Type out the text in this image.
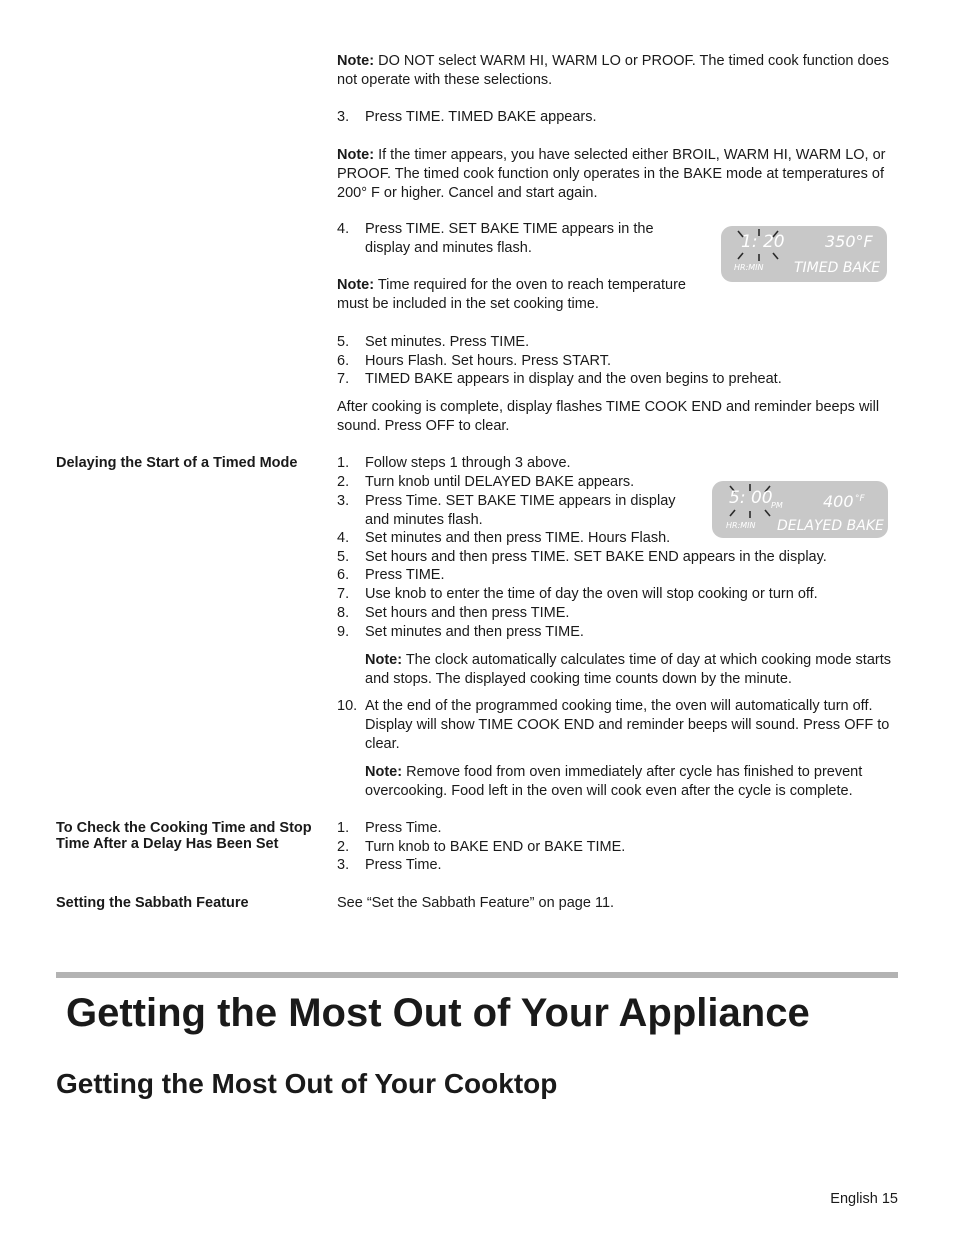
Note: DO NOT select WARM HI, WARM LO or PROOF. The timed cook function does not operate with these selections.
3. Press TIME. TIMED BAKE appears.
Note: If the timer appears, you have selected either BROIL, WARM HI, WARM LO, or PROOF. The timed cook function only operates in the BAKE mode at temperatures of 200° F or higher. Cancel and start again.
4. Press TIME. SET BAKE TIME appears in the display and minutes flash.
Note: Time required for the oven to reach temperature must be included in the set cooking time.
5. Set minutes. Press TIME.
6. Hours Flash. Set hours. Press START.
7. TIMED BAKE appears in display and the oven begins to preheat.
After cooking is complete, display flashes TIME COOK END and reminder beeps will sound. Press OFF to clear.
1: 20	350°F
HR:MIN TIMED BAKE
Delaying the Start of a Timed Mode	1. Follow steps 1 through 3 above.
2. Turn knob until DELAYED BAKE appears.
3. Press Time. SET BAKE TIME appears in display and minutes flash.
4. Set minutes and then press TIME. Hours Flash.
5. Set hours and then press TIME. SET BAKE END appears in the display.
6. Press TIME.
7. Use knob to enter the time of day the oven will stop cooking or turn off.
8. Set hours and then press TIME.
9. Set minutes and then press TIME.
Note: The clock automatically calculates time of day at which cooking mode starts and stops. The displayed cooking time counts down by the minute.
10. At the end of the programmed cooking time, the oven will automatically turn off. Display will show TIME COOK END and reminder beeps will sound. Press OFF to clear.
Note: Remove food from oven immediately after cycle has finished to prevent overcooking. Food left in the oven will cook even after the cycle is complete.
5: 00
PM	400 °F
HR:MIN DELAYED BAKE
To Check the Cooking Time and Stop Time After a Delay Has Been Set
1. Press Time.
2. Turn knob to BAKE END or BAKE TIME.
3. Press Time.
Setting the Sabbath Feature	See “Set the Sabbath Feature” on page 11.
Getting the Most Out of Your Appliance
Getting the Most Out of Your Cooktop
English 15
